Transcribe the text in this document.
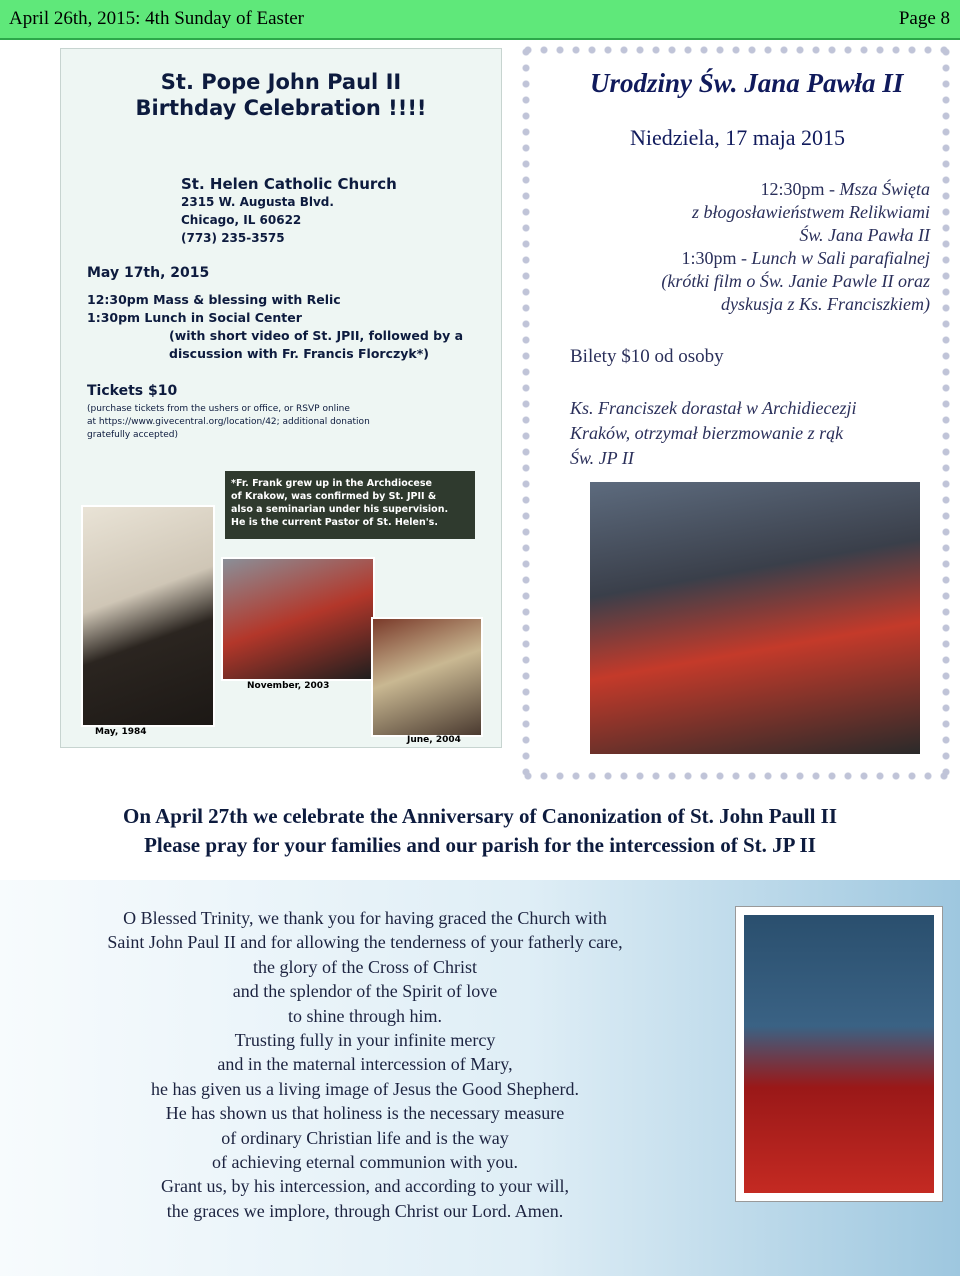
April 26th, 2015: 4th Sunday of Easter	Page 8
St. Pope John Paul II
Birthday Celebration !!!!
St. Helen Catholic Church
2315 W. Augusta Blvd.
Chicago, IL 60622
(773) 235-3575
May 17th, 2015
12:30pm Mass & blessing with Relic
1:30pm Lunch in Social Center
(with short video of St. JPII, followed by a
discussion with Fr. Francis Florczyk*)
Tickets $10
(purchase tickets from the ushers or office, or RSVP online
at https://www.givecentral.org/location/42; additional donation
gratefully accepted)
*Fr. Frank grew up in the Archdiocese
of Krakow, was confirmed by St. JPII &
also a seminarian under his supervision.
He is the current Pastor of St. Helen's.
November, 2003
May, 1984
June, 2004
Urodziny Św. Jana Pawła II
Niedziela, 17 maja 2015
12:30pm - Msza Święta
z błogosławieństwem Relikwiami
Św. Jana Pawła II
1:30pm - Lunch w Sali parafialnej
(krótki film o Św. Janie Pawle II oraz
dyskusja z Ks. Franciszkiem)
Bilety $10 od osoby
Ks. Franciszek dorastał w Archidiecezji
Kraków, otrzymał bierzmowanie z rąk
Św. JP II
On April 27th we celebrate the Anniversary of Canonization of St. John Paull II
Please pray for your families and our parish for the intercession of St. JP II
O Blessed Trinity, we thank you for having graced the Church with
Saint John Paul II and for allowing the tenderness of your fatherly care,
the glory of the Cross of Christ
and the splendor of the Spirit of love
to shine through him.
Trusting fully in your infinite mercy
and in the maternal intercession of Mary,
he has given us a living image of Jesus the Good Shepherd.
He has shown us that holiness is the necessary measure
of ordinary Christian life and is the way
of achieving eternal communion with you.
Grant us, by his intercession, and according to your will,
the graces we implore, through Christ our Lord. Amen.
